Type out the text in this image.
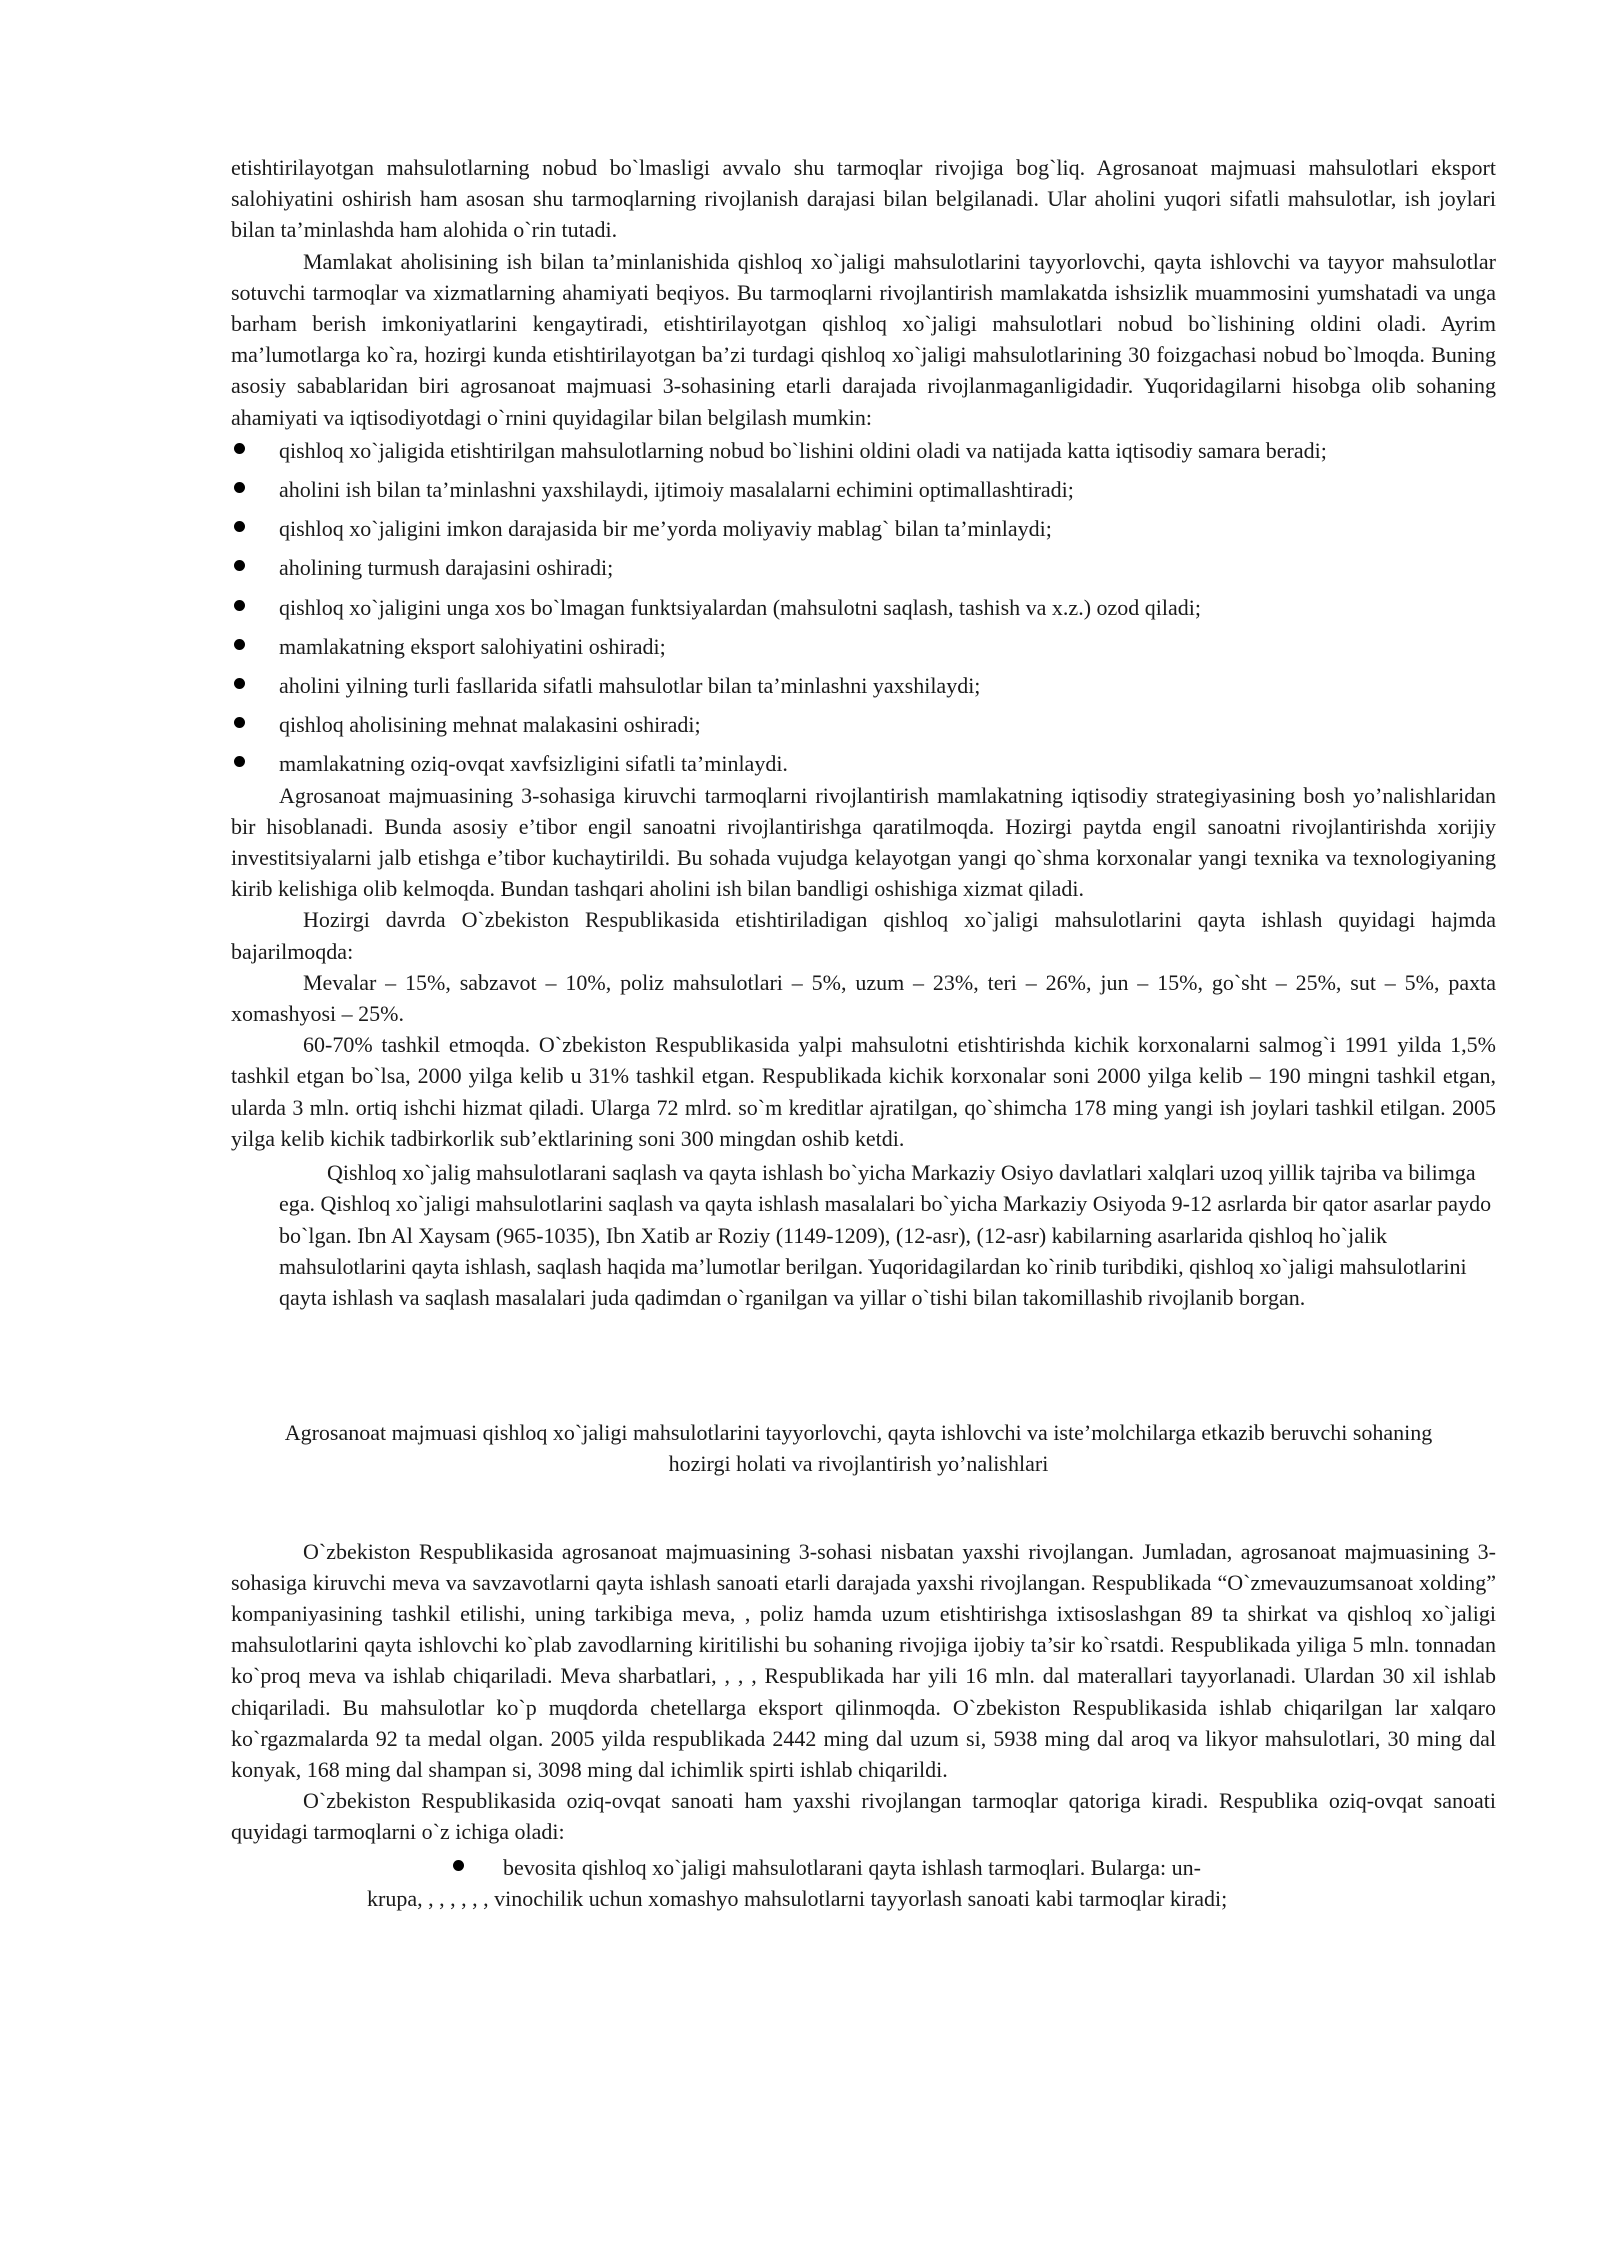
etishtirilayotgan mahsulotlarning nobud bo`lmasligi avvalo shu tarmoqlar rivojiga bog`liq. Agrosanoat majmuasi mahsulotlari eksport salohiyatini oshirish ham asosan shu tarmoqlarning rivojlanish darajasi bilan belgilanadi. Ular aholini yuqori sifatli mahsulotlar, ish joylari bilan ta’minlashda ham alohida o`rin tutadi.

Mamlakat aholisining ish bilan ta’minlanishida qishloq xo`jaligi mahsulotlarini tayyorlovchi, qayta ishlovchi va tayyor mahsulotlar sotuvchi tarmoqlar va xizmatlarning ahamiyati beqiyos. Bu tarmoqlarni rivojlantirish mamlakatda ishsizlik muammosini yumshatadi va unga barham berish imkoniyatlarini kengaytiradi, etishtirilayotgan qishloq xo`jaligi mahsulotlari nobud bo`lishining oldini oladi. Ayrim ma’lumotlarga ko`ra, hozirgi kunda etishtirilayotgan ba’zi turdagi qishloq xo`jaligi mahsulotlarining 30 foizgachasi nobud bo`lmoqda. Buning asosiy sabablaridan biri agrosanoat majmuasi 3-sohasining etarli darajada rivojlanmaganligidadir. Yuqoridagilarni hisobga olib sohaning ahamiyati va iqtisodiyotdagi o`rnini quyidagilar bilan belgilash mumkin:

qishloq xo`jaligida etishtirilgan mahsulotlarning nobud bo`lishini oldini oladi va natijada katta iqtisodiy samara beradi;
aholini ish bilan ta’minlashni yaxshilaydi, ijtimoiy masalalarni echimini optimallashtiradi;
qishloq xo`jaligini imkon darajasida bir me’yorda moliyaviy mablag` bilan ta’minlaydi;
aholining turmush darajasini oshiradi;
qishloq xo`jaligini unga xos bo`lmagan funktsiyalardan (mahsulotni saqlash, tashish va x.z.) ozod qiladi;
mamlakatning eksport salohiyatini oshiradi;
aholini yilning turli fasllarida sifatli mahsulotlar bilan ta’minlashni yaxshilaydi;
qishloq aholisining mehnat malakasini oshiradi;
mamlakatning oziq-ovqat xavfsizligini sifatli ta’minlaydi.

Agrosanoat majmuasining 3-sohasiga kiruvchi tarmoqlarni rivojlantirish mamlakatning iqtisodiy strategiyasining bosh yo’nalishlaridan bir hisoblanadi. Bunda asosiy e’tibor engil sanoatni rivojlantirishga qaratilmoqda. Hozirgi paytda engil sanoatni rivojlantirishda xorijiy investitsiyalarni jalb etishga e’tibor kuchaytirildi. Bu sohada vujudga kelayotgan yangi qo`shma korxonalar yangi texnika va texnologiyaning kirib kelishiga olib kelmoqda. Bundan tashqari aholini ish bilan bandligi oshishiga xizmat qiladi.

Hozirgi davrda O`zbekiston Respublikasida etishtiriladigan qishloq xo`jaligi mahsulotlarini qayta ishlash quyidagi hajmda bajarilmoqda:

Mevalar – 15%, sabzavot – 10%, poliz mahsulotlari – 5%, uzum – 23%, teri – 26%, jun – 15%, go`sht – 25%, sut – 5%, paxta xomashyosi – 25%.

60-70% tashkil etmoqda. O`zbekiston Respublikasida yalpi mahsulotni etishtirishda kichik korxonalarni salmog`i 1991 yilda 1,5% tashkil etgan bo`lsa, 2000 yilga kelib u 31% tashkil etgan. Respublikada kichik korxonalar soni 2000 yilga kelib – 190 mingni tashkil etgan, ularda 3 mln. ortiq ishchi hizmat qiladi. Ularga 72 mlrd. so`m kreditlar ajratilgan, qo`shimcha 178 ming yangi ish joylari tashkil etilgan. 2005 yilga kelib kichik tadbirkorlik sub’ektlarining soni 300 mingdan oshib ketdi.

Qishloq xo`jalig mahsulotlarani saqlash va qayta ishlash bo`yicha Markaziy Osiyo davlatlari xalqlari uzoq yillik tajriba va bilimga ega. Qishloq xo`jaligi mahsulotlarini saqlash va qayta ishlash masalalari bo`yicha Markaziy Osiyoda 9-12 asrlarda bir qator asarlar paydo bo`lgan. Ibn Al Xaysam (965-1035), Ibn Xatib ar Roziy (1149-1209), (12-asr), (12-asr) kabilarning asarlarida qishloq ho`jalik mahsulotlarini qayta ishlash, saqlash haqida ma’lumotlar berilgan. Yuqoridagilardan ko`rinib turibdiki, qishloq xo`jaligi mahsulotlarini qayta ishlash va saqlash masalalari juda qadimdan o`rganilgan va yillar o`tishi bilan takomillashib rivojlanib borgan.

Agrosanoat majmuasi qishloq xo`jaligi mahsulotlarini tayyorlovchi, qayta ishlovchi va iste’molchilarga etkazib beruvchi sohaning hozirgi holati va rivojlantirish yo’nalishlari

O`zbekiston Respublikasida agrosanoat majmuasining 3-sohasi nisbatan yaxshi rivojlangan. Jumladan, agrosanoat majmuasining 3-sohasiga kiruvchi meva va savzavotlarni qayta ishlash sanoati etarli darajada yaxshi rivojlangan. Respublikada “O`zmevauzumsanoat xolding” kompaniyasining tashkil etilishi, uning tarkibiga meva, , poliz hamda uzum etishtirishga ixtisoslashgan 89 ta shirkat va qishloq xo`jaligi mahsulotlarini qayta ishlovchi ko`plab zavodlarning kiritilishi bu sohaning rivojiga ijobiy ta’sir ko`rsatdi. Respublikada yiliga 5 mln. tonnadan ko`proq meva va ishlab chiqariladi. Meva sharbatlari, , , , Respublikada har yili 16 mln. dal materallari tayyorlanadi. Ulardan 30 xil ishlab chiqariladi. Bu mahsulotlar ko`p muqdorda chetellarga eksport qilinmoqda. O`zbekiston Respublikasida ishlab chiqarilgan lar xalqaro ko`rgazmalarda 92 ta medal olgan. 2005 yilda respublikada 2442 ming dal uzum si, 5938 ming dal aroq va likyor mahsulotlari, 30 ming dal konyak, 168 ming dal shampan si, 3098 ming dal ichimlik spirti ishlab chiqarildi.

O`zbekiston Respublikasida oziq-ovqat sanoati ham yaxshi rivojlangan tarmoqlar qatoriga kiradi. Respublika oziq-ovqat sanoati quyidagi tarmoqlarni o`z ichiga oladi:

bevosita qishloq xo`jaligi mahsulotlarani qayta ishlash tarmoqlari. Bularga: un-
krupa, , , , , , , vinochilik uchun xomashyo mahsulotlarni tayyorlash sanoati kabi tarmoqlar kiradi;
